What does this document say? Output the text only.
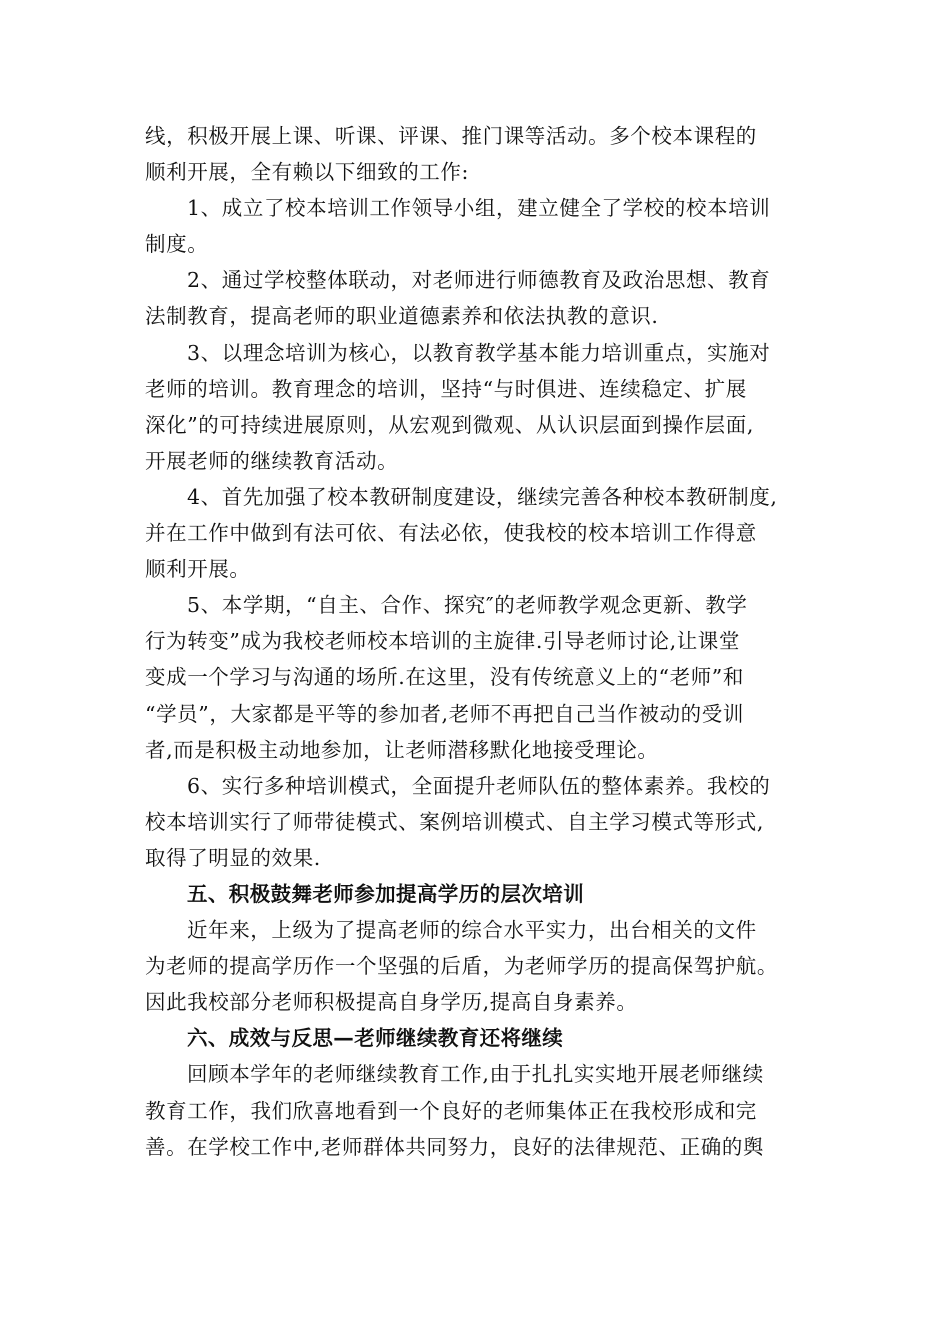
线，积极开展上课、听课、评课、推门课等活动。多个校本课程的
顺利开展，全有赖以下细致的工作:
1、成立了校本培训工作领导小组，建立健全了学校的校本培训
制度。
2、通过学校整体联动，对老师进行师德教育及政治思想、教育
法制教育，提高老师的职业道德素养和依法执教的意识.
3、以理念培训为核心，以教育教学基本能力培训重点，实施对
老师的培训。教育理念的培训，坚持“与时俱进、连续稳定、扩展
深化”的可持续进展原则，从宏观到微观、从认识层面到操作层面,
开展老师的继续教育活动。
4、首先加强了校本教研制度建设，继续完善各种校本教研制度,
并在工作中做到有法可依、有法必依，使我校的校本培训工作得意
顺利开展。
5、本学期，“自主、合作、探究″的老师教学观念更新、教学
行为转变”成为我校老师校本培训的主旋律.引导老师讨论,让课堂
变成一个学习与沟通的场所.在这里，没有传统意义上的“老师”和
“学员”，大家都是平等的参加者,老师不再把自己当作被动的受训
者,而是积极主动地参加，让老师潜移默化地接受理论。
6、实行多种培训模式，全面提升老师队伍的整体素养。我校的
校本培训实行了师带徒模式、案例培训模式、自主学习模式等形式,
取得了明显的效果.
五、积极鼓舞老师参加提高学历的层次培训
近年来，上级为了提高老师的综合水平实力，出台相关的文件
为老师的提高学历作一个坚强的后盾，为老师学历的提高保驾护航。
因此我校部分老师积极提高自身学历,提高自身素养。
六、成效与反思—老师继续教育还将继续
回顾本学年的老师继续教育工作,由于扎扎实实地开展老师继续
教育工作，我们欣喜地看到一个良好的老师集体正在我校形成和完
善。在学校工作中,老师群体共同努力，良好的法律规范、正确的舆
